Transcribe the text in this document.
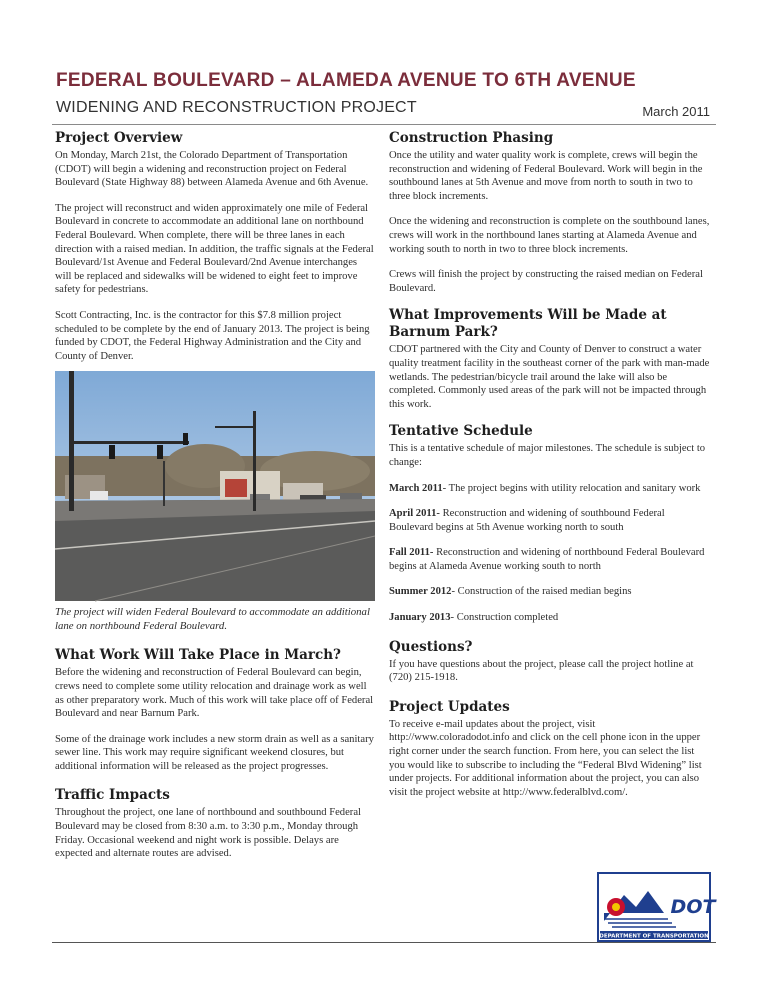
FEDERAL BOULEVARD – ALAMEDA AVENUE TO 6TH AVENUE
WIDENING AND RECONSTRUCTION PROJECT	March 2011
Project Overview

On Monday, March 21st, the Colorado Department of Transportation (CDOT) will begin a widening and reconstruction project on Federal Boulevard (State Highway 88) between Alameda Avenue and 6th Avenue.

The project will reconstruct and widen approximately one mile of Federal Boulevard in concrete to accommodate an additional lane on northbound Federal Boulevard. When complete, there will be three lanes in each direction with a raised median. In addition, the traffic signals at the Federal Boulevard/1st Avenue and Federal Boulevard/2nd Avenue interchanges will be replaced and sidewalks will be widened to eight feet to improve safety for pedestrians.

Scott Contracting, Inc. is the contractor for this $7.8 million project scheduled to be complete by the end of January 2013. The project is being funded by CDOT, the Federal Highway Administration and the City and County of Denver.

The project will widen Federal Boulevard to accommodate an additional lane on northbound Federal Boulevard.
What Work Will Take Place in March?

Before the widening and reconstruction of Federal Boulevard can begin, crews need to complete some utility relocation and drainage work as well as other preparatory work. Much of this work will take place off of Federal Boulevard and near Barnum Park.

Some of the drainage work includes a new storm drain as well as a sanitary sewer line. This work may require significant weekend closures, but additional information will be released as the project progresses.

Traffic Impacts

Throughout the project, one lane of northbound and southbound Federal Boulevard may be closed from 8:30 a.m. to 3:30 p.m., Monday through Friday. Occasional weekend and night work is possible. Delays are expected and alternate routes are advised.

Construction Phasing

Once the utility and water quality work is complete, crews will begin the reconstruction and widening of Federal Boulevard. Work will begin in the southbound lanes at 5th Avenue and move from north to south in two to three block increments.

Once the widening and reconstruction is complete on the southbound lanes, crews will work in the northbound lanes starting at Alameda Avenue and working south to north in two to three block increments.

Crews will finish the project by constructing the raised median on Federal Boulevard.

What Improvements Will be Made at Barnum Park?

CDOT partnered with the City and County of Denver to construct a water quality treatment facility in the southeast corner of the park with man-made wetlands. The pedestrian/bicycle trail around the lake will also be completed. Commonly used areas of the park will not be impacted through this work.

Tentative Schedule

This is a tentative schedule of major milestones. The schedule is subject to change:

March 2011- The project begins with utility relocation and sanitary work

April 2011- Reconstruction and widening of southbound Federal Boulevard begins at 5th Avenue working north to south

Fall 2011- Reconstruction and widening of northbound Federal Boulevard begins at Alameda Avenue working south to north

Summer 2012- Construction of the raised median begins

January 2013- Construction completed

Questions?

If you have questions about the project, please call the project hotline at (720) 215-1918.

Project Updates

To receive e-mail updates about the project, visit http://www.coloradodot.info and click on the cell phone icon in the upper right corner under the search function. From here, you can select the list you would like to subscribe to including the “Federal Blvd Widening” list under projects. For additional information about the project, you can also visit the project website at http://www.federalblvd.com/.

DOT
DEPARTMENT OF TRANSPORTATION
